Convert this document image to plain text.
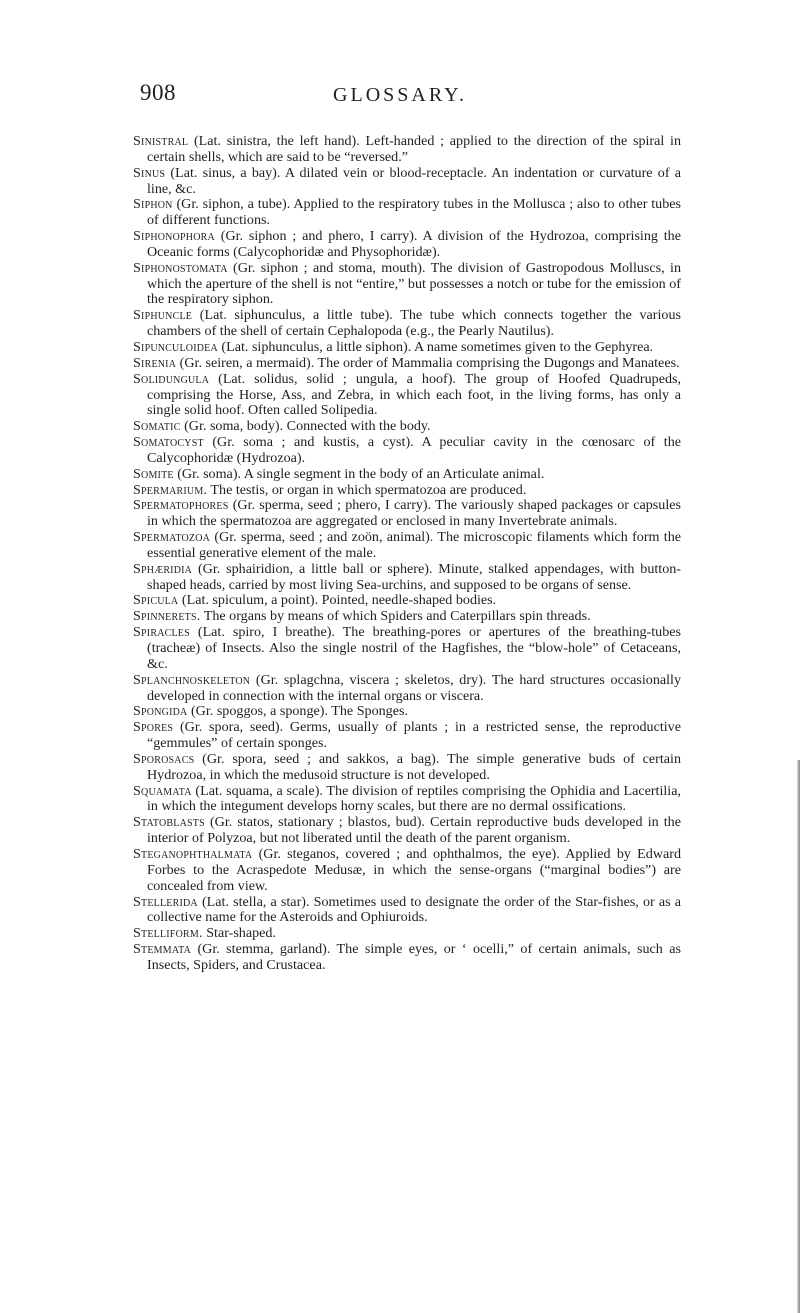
908	GLOSSARY.

Sinistral (Lat. sinistra, the left hand). Left-handed ; applied to the direction of the spiral in certain shells, which are said to be “reversed.”

Sinus (Lat. sinus, a bay). A dilated vein or blood-receptacle. An indentation or curvature of a line, &c.

Siphon (Gr. siphon, a tube). Applied to the respiratory tubes in the Mollusca ; also to other tubes of different functions.

Siphonophora (Gr. siphon ; and phero, I carry). A division of the Hydrozoa, comprising the Oceanic forms (Calycophoridæ and Physophoridæ).

Siphonostomata (Gr. siphon ; and stoma, mouth). The division of Gastropodous Molluscs, in which the aperture of the shell is not “entire,” but possesses a notch or tube for the emission of the respiratory siphon.

Siphuncle (Lat. siphunculus, a little tube). The tube which connects together the various chambers of the shell of certain Cephalopoda (e.g., the Pearly Nautilus).

Sipunculoidea (Lat. siphunculus, a little siphon). A name sometimes given to the Gephyrea.

Sirenia (Gr. seiren, a mermaid). The order of Mammalia comprising the Dugongs and Manatees.

Solidungula (Lat. solidus, solid ; ungula, a hoof). The group of Hoofed Quadrupeds, comprising the Horse, Ass, and Zebra, in which each foot, in the living forms, has only a single solid hoof. Often called Solipedia.

Somatic (Gr. soma, body). Connected with the body.

Somatocyst (Gr. soma ; and kustis, a cyst). A peculiar cavity in the cœnosarc of the Calycophoridæ (Hydrozoa).

Somite (Gr. soma). A single segment in the body of an Articulate animal.

Spermarium. The testis, or organ in which spermatozoa are produced.

Spermatophores (Gr. sperma, seed ; phero, I carry). The variously shaped packages or capsules in which the spermatozoa are aggregated or enclosed in many Invertebrate animals.

Spermatozoa (Gr. sperma, seed ; and zoön, animal). The microscopic filaments which form the essential generative element of the male.

Sphæridia (Gr. sphairidion, a little ball or sphere). Minute, stalked appendages, with button-shaped heads, carried by most living Sea-urchins, and supposed to be organs of sense.

Spicula (Lat. spiculum, a point). Pointed, needle-shaped bodies.

Spinnerets. The organs by means of which Spiders and Caterpillars spin threads.

Spiracles (Lat. spiro, I breathe). The breathing-pores or apertures of the breathing-tubes (tracheæ) of Insects. Also the single nostril of the Hagfishes, the “blow-hole” of Cetaceans, &c.

Splanchnoskeleton (Gr. splagchna, viscera ; skeletos, dry). The hard structures occasionally developed in connection with the internal organs or viscera.

Spongida (Gr. spoggos, a sponge). The Sponges.

Spores (Gr. spora, seed). Germs, usually of plants ; in a restricted sense, the reproductive “gemmules” of certain sponges.

Sporosacs (Gr. spora, seed ; and sakkos, a bag). The simple generative buds of certain Hydrozoa, in which the medusoid structure is not developed.

Squamata (Lat. squama, a scale). The division of reptiles comprising the Ophidia and Lacertilia, in which the integument develops horny scales, but there are no dermal ossifications.

Statoblasts (Gr. statos, stationary ; blastos, bud). Certain reproductive buds developed in the interior of Polyzoa, but not liberated until the death of the parent organism.

Steganophthalmata (Gr. steganos, covered ; and ophthalmos, the eye). Applied by Edward Forbes to the Acraspedote Medusæ, in which the sense-organs (“marginal bodies”) are concealed from view.

Stelleridа (Lat. stella, a star). Sometimes used to designate the order of the Star-fishes, or as a collective name for the Asteroids and Ophiuroids.

Stelliform. Star-shaped.

Stemmata (Gr. stemma, garland). The simple eyes, or ‘ ocelli,” of certain animals, such as Insects, Spiders, and Crustacea.
